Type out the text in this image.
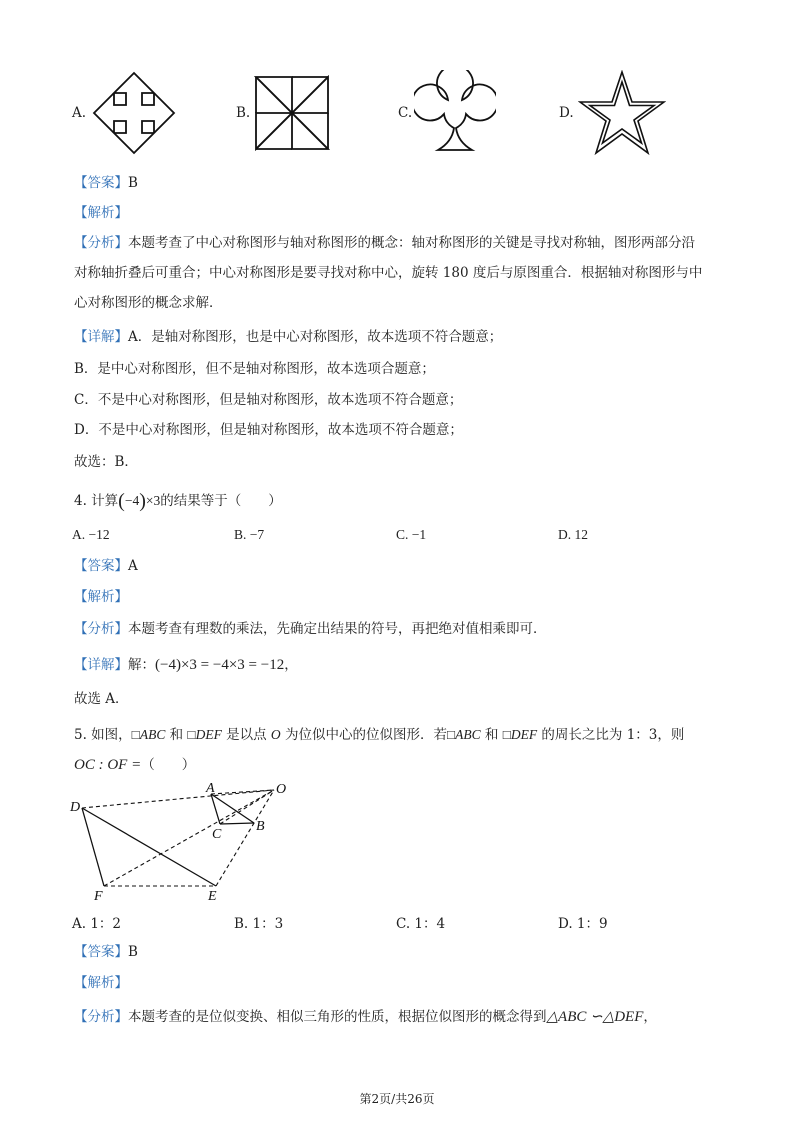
A.	B.	C.	D.
【答案】B
【解析】
【分析】本题考查了中心对称图形与轴对称图形的概念：轴对称图形的关键是寻找对称轴，图形两部分沿
对称轴折叠后可重合；中心对称图形是要寻找对称中心，旋转 180 度后与原图重合．根据轴对称图形与中
心对称图形的概念求解．
【详解】A．是轴对称图形，也是中心对称图形，故本选项不符合题意；
B．是中心对称图形，但不是轴对称图形，故本选项合题意；
C．不是中心对称图形，但是轴对称图形，故本选项不符合题意；
D．不是中心对称图形，但是轴对称图形，故本选项不符合题意；
故选：B．
4. 计算(−4)×3的结果等于（　　）
A. −12	B. −7	C. −1	D. 12
【答案】A
【解析】
【分析】本题考查有理数的乘法，先确定出结果的符号，再把绝对值相乘即可．
【详解】解：(−4)×3 = −4×3 = −12，
故选 A．
5. 如图，□ABC 和 □DEF 是以点 O 为位似中心的位似图形．若□ABC 和 □DEF 的周长之比为 1：3，则
OC : OF =（　　）
D
A	O
C
B
F	E
A. 1：2	B. 1：3	C. 1：4	D. 1：9
【答案】B
【解析】
【分析】本题考查的是位似变换、相似三角形的性质，根据位似图形的概念得到△ABC ∽△DEF，
第2页/共26页
